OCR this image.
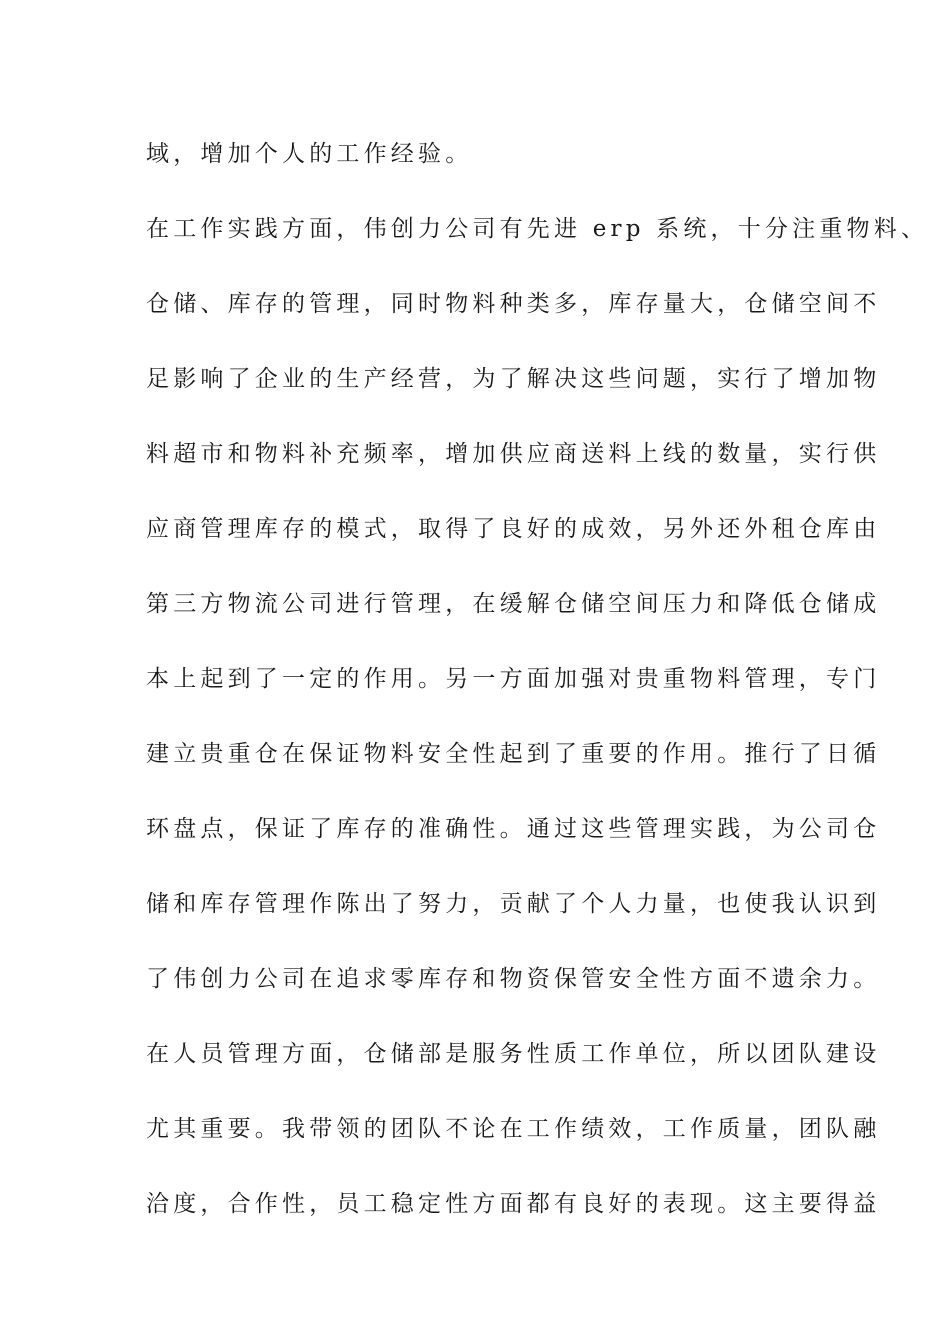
域，增加个人的工作经验。
在工作实践方面，伟创力公司有先进 erp 系统，十分注重物料、
仓储、库存的管理，同时物料种类多，库存量大，仓储空间不
足影响了企业的生产经营，为了解决这些问题，实行了增加物
料超市和物料补充频率，增加供应商送料上线的数量，实行供
应商管理库存的模式，取得了良好的成效，另外还外租仓库由
第三方物流公司进行管理，在缓解仓储空间压力和降低仓储成
本上起到了一定的作用。另一方面加强对贵重物料管理，专门
建立贵重仓在保证物料安全性起到了重要的作用。推行了日循
环盘点，保证了库存的准确性。通过这些管理实践，为公司仓
储和库存管理作陈出了努力，贡献了个人力量，也使我认识到
了伟创力公司在追求零库存和物资保管安全性方面不遗余力。
在人员管理方面，仓储部是服务性质工作单位，所以团队建设
尤其重要。我带领的团队不论在工作绩效，工作质量，团队融
洽度，合作性，员工稳定性方面都有良好的表现。这主要得益
